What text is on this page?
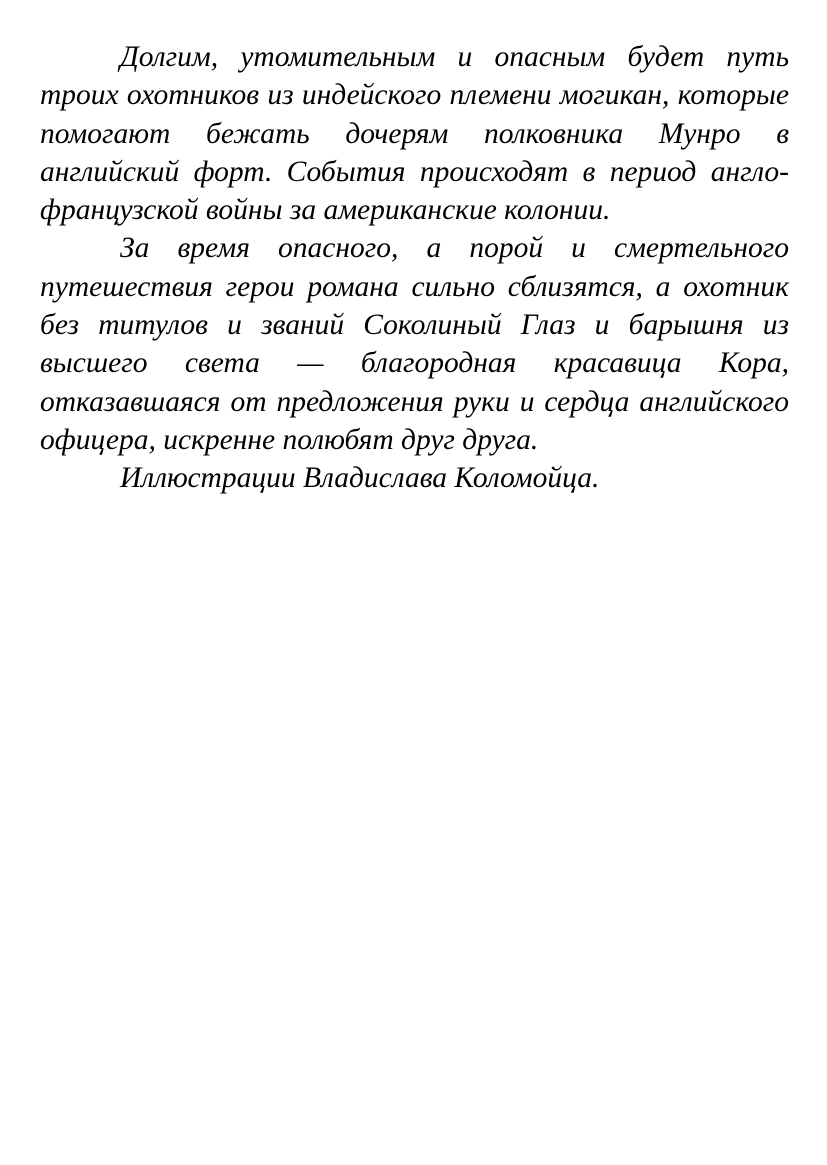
Долгим, утомительным и опасным будет путь троих охотников из индейского племени могикан, которые помогают бежать дочерям полковника Мунро в английский форт. События происходят в период англо-французской войны за американские колонии.

За время опасного, а порой и смертельного путешествия герои романа сильно сблизятся, а охотник без титулов и званий Соколиный Глаз и барышня из высшего света — благородная красавица Кора, отказавшаяся от предложения руки и сердца английского офицера, искренне полюбят друг друга.

Иллюстрации Владислава Коломойца.
